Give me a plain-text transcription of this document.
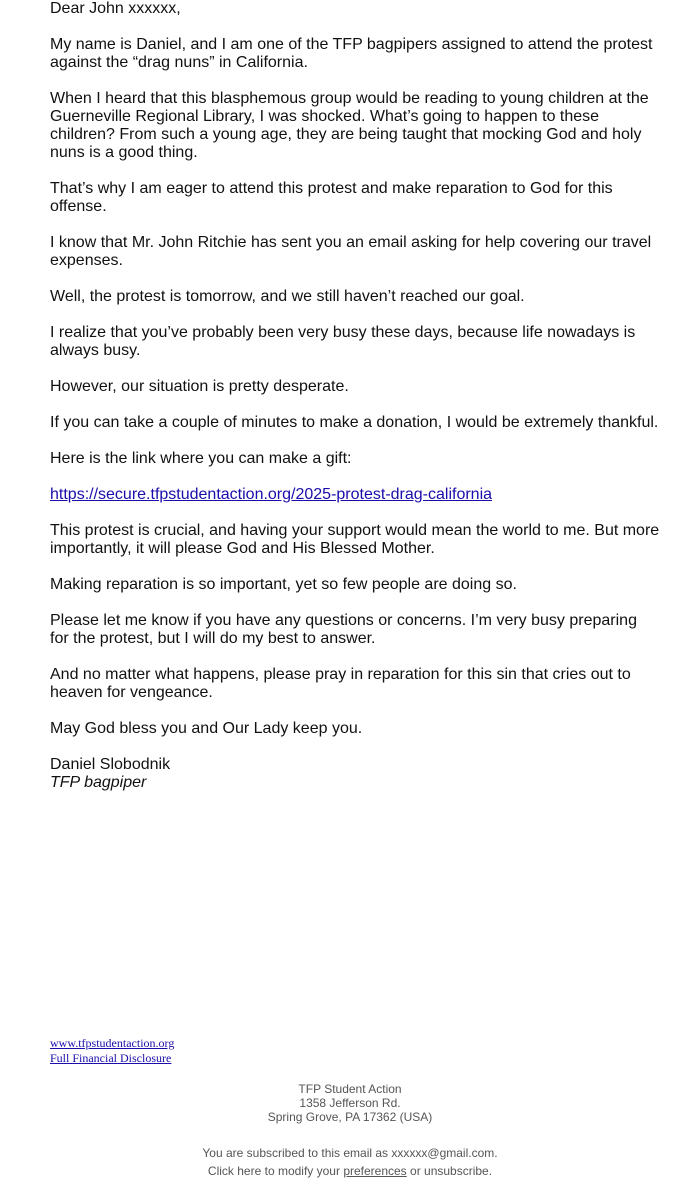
Dear John xxxxxx,

My name is Daniel, and I am one of the TFP bagpipers assigned to attend the protest against the “drag nuns” in California.

When I heard that this blasphemous group would be reading to young children at the Guerneville Regional Library, I was shocked. What’s going to happen to these children? From such a young age, they are being taught that mocking God and holy nuns is a good thing.

That’s why I am eager to attend this protest and make reparation to God for this offense.

I know that Mr. John Ritchie has sent you an email asking for help covering our travel expenses.

Well, the protest is tomorrow, and we still haven’t reached our goal.

I realize that you’ve probably been very busy these days, because life nowadays is always busy.

However, our situation is pretty desperate.

If you can take a couple of minutes to make a donation, I would be extremely thankful.

Here is the link where you can make a gift:

https://secure.tfpstudentaction.org/2025-protest-drag-california

This protest is crucial, and having your support would mean the world to me. But more importantly, it will please God and His Blessed Mother.

Making reparation is so important, yet so few people are doing so.

Please let me know if you have any questions or concerns. I’m very busy preparing for the protest, but I will do my best to answer.

And no matter what happens, please pray in reparation for this sin that cries out to heaven for vengeance.

May God bless you and Our Lady keep you.

Daniel Slobodnik
TFP bagpiper
www.tfpstudentaction.org
Full Financial Disclosure
TFP Student Action
1358 Jefferson Rd.
Spring Grove, PA 17362 (USA)
You are subscribed to this email as xxxxxx@gmail.com.
Click here to modify your preferences or unsubscribe.
